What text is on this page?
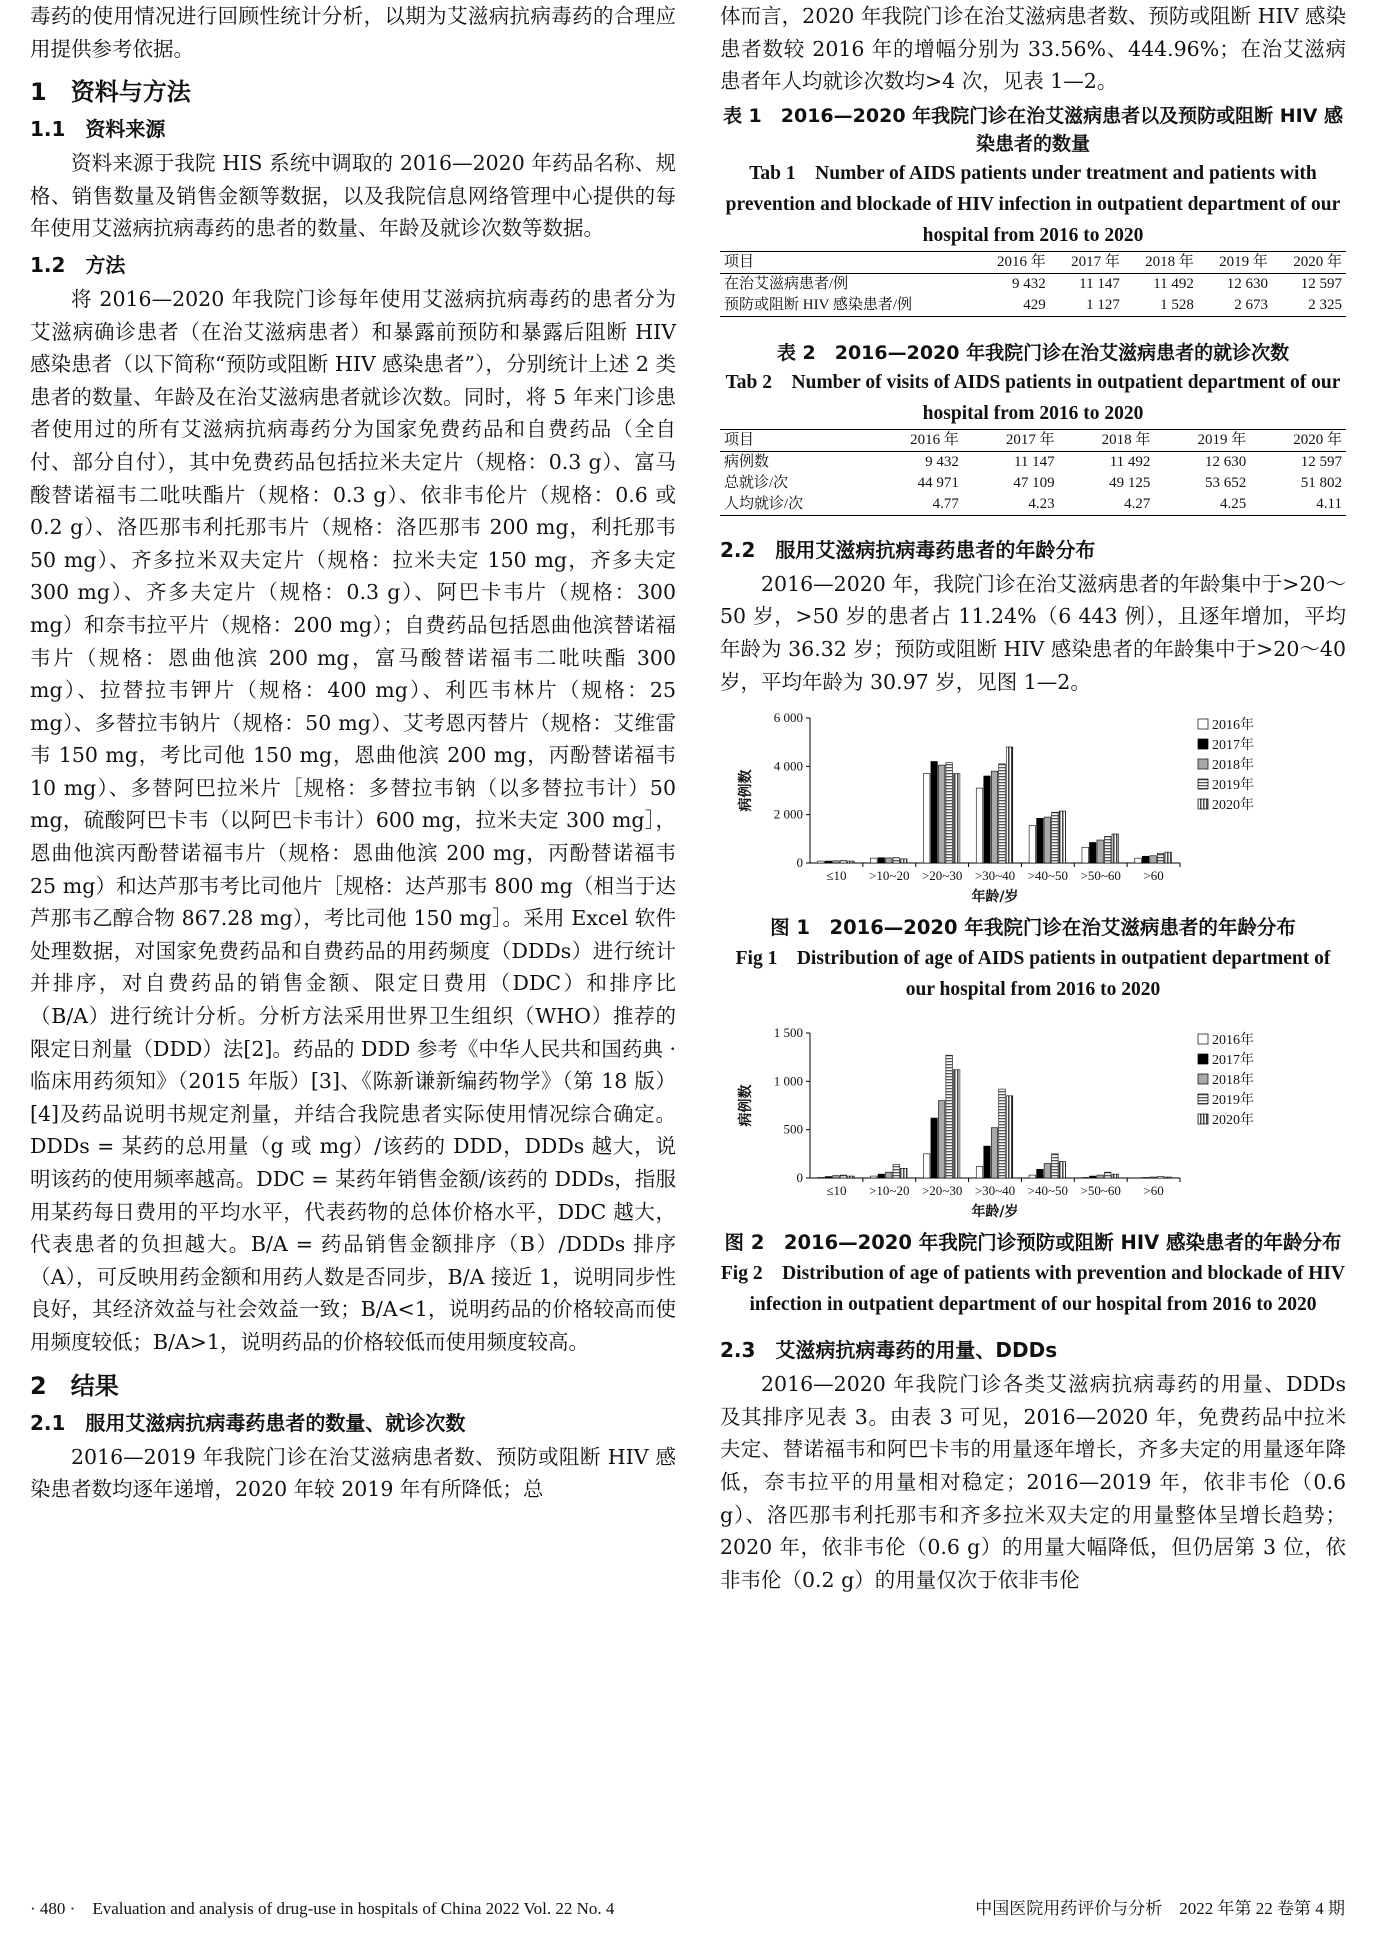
毒药的使用情况进行回顾性统计分析，以期为艾滋病抗病毒药的合理应用提供参考依据。

1　资料与方法
1.1　资料来源

资料来源于我院 HIS 系统中调取的 2016—2020 年药品名称、规格、销售数量及销售金额等数据，以及我院信息网络管理中心提供的每年使用艾滋病抗病毒药的患者的数量、年龄及就诊次数等数据。

1.2　方法

将 2016—2020 年我院门诊每年使用艾滋病抗病毒药的患者分为艾滋病确诊患者（在治艾滋病患者）和暴露前预防和暴露后阻断 HIV 感染患者（以下简称“预防或阻断 HIV 感染患者”），分别统计上述 2 类患者的数量、年龄及在治艾滋病患者就诊次数。同时，将 5 年来门诊患者使用过的所有艾滋病抗病毒药分为国家免费药品和自费药品（全自付、部分自付），其中免费药品包括拉米夫定片（规格：0.3 g）、富马酸替诺福韦二吡呋酯片（规格：0.3 g）、依非韦伦片（规格：0.6 或 0.2 g）、洛匹那韦利托那韦片（规格：洛匹那韦 200 mg，利托那韦 50 mg）、齐多拉米双夫定片（规格：拉米夫定 150 mg，齐多夫定 300 mg）、齐多夫定片（规格：0.3 g）、阿巴卡韦片（规格：300 mg）和奈韦拉平片（规格：200 mg）；自费药品包括恩曲他滨替诺福韦片（规格：恩曲他滨 200 mg，富马酸替诺福韦二吡呋酯 300 mg）、拉替拉韦钾片（规格：400 mg）、利匹韦林片（规格：25 mg）、多替拉韦钠片（规格：50 mg）、艾考恩丙替片（规格：艾维雷韦 150 mg，考比司他 150 mg，恩曲他滨 200 mg，丙酚替诺福韦 10 mg）、多替阿巴拉米片［规格：多替拉韦钠（以多替拉韦计）50 mg，硫酸阿巴卡韦（以阿巴卡韦计）600 mg，拉米夫定 300 mg］，恩曲他滨丙酚替诺福韦片（规格：恩曲他滨 200 mg，丙酚替诺福韦 25 mg）和达芦那韦考比司他片［规格：达芦那韦 800 mg（相当于达芦那韦乙醇合物 867.28 mg），考比司他 150 mg］。采用 Excel 软件处理数据，对国家免费药品和自费药品的用药频度（DDDs）进行统计并排序，对自费药品的销售金额、限定日费用（DDC）和排序比（B/A）进行统计分析。分析方法采用世界卫生组织（WHO）推荐的限定日剂量（DDD）法[2]。药品的 DDD 参考《中华人民共和国药典 · 临床用药须知》（2015 年版）[3]、《陈新谦新编药物学》（第 18 版）[4]及药品说明书规定剂量，并结合我院患者实际使用情况综合确定。DDDs = 某药的总用量（g 或 mg）/该药的 DDD，DDDs 越大，说明该药的使用频率越高。DDC = 某药年销售金额/该药的 DDDs，指服用某药每日费用的平均水平，代表药物的总体价格水平，DDC 越大，代表患者的负担越大。B/A = 药品销售金额排序（B）/DDDs 排序（A），可反映用药金额和用药人数是否同步，B/A 接近 1，说明同步性良好，其经济效益与社会效益一致；B/A<1，说明药品的价格较高而使用频度较低；B/A>1，说明药品的价格较低而使用频度较高。

2　结果
2.1　服用艾滋病抗病毒药患者的数量、就诊次数

2016—2019 年我院门诊在治艾滋病患者数、预防或阻断 HIV 感染患者数均逐年递增，2020 年较 2019 年有所降低；总

体而言，2020 年我院门诊在治艾滋病患者数、预防或阻断 HIV 感染患者数较 2016 年的增幅分别为 33.56%、444.96%；在治艾滋病患者年人均就诊次数均>4 次，见表 1—2。

表 1　2016—2020 年我院门诊在治艾滋病患者以及预防或阻断 HIV 感染患者的数量
Tab 1　Number of AIDS patients under treatment and patients with prevention and blockade of HIV infection in outpatient department of our hospital from 2016 to 2020
项目	2016 年	2017 年	2018 年	2019 年	2020 年
在治艾滋病患者/例	9 432	11 147	11 492	12 630	12 597
预防或阻断 HIV 感染患者/例	429	1 127	1 528	2 673	2 325
表 2　2016—2020 年我院门诊在治艾滋病患者的就诊次数
Tab 2　Number of visits of AIDS patients in outpatient department of our hospital from 2016 to 2020
项目	2016 年	2017 年	2018 年	2019 年	2020 年
病例数	9 432	11 147	11 492	12 630	12 597
总就诊/次	44 971	47 109	49 125	53 652	51 802
人均就诊/次	4.77	4.23	4.27	4.25	4.11
2.2　服用艾滋病抗病毒药患者的年龄分布

2016—2020 年，我院门诊在治艾滋病患者的年龄集中于>20～50 岁，>50 岁的患者占 11.24%（6 443 例），且逐年增加，平均年龄为 36.32 岁；预防或阻断 HIV 感染患者的年龄集中于>20～40 岁，平均年龄为 30.97 岁，见图 1—2。

0
2 000
4 000
6 000
病例数
≤10 >10~20 >20~30 >30~40 >40~50 >50~60 >60
年龄/岁
2016年
2017年
2018年
2019年
2020年
图 1　2016—2020 年我院门诊在治艾滋病患者的年龄分布
Fig 1　Distribution of age of AIDS patients in outpatient department of our hospital from 2016 to 2020
0
500
1 000
1 500
病例数
≤10 >10~20 >20~30 >30~40 >40~50 >50~60 >60
年龄/岁
2016年
2017年
2018年
2019年
2020年
图 2　2016—2020 年我院门诊预防或阻断 HIV 感染患者的年龄分布
Fig 2　Distribution of age of patients with prevention and blockade of HIV infection in outpatient department of our hospital from 2016 to 2020
2.3　艾滋病抗病毒药的用量、DDDs

2016—2020 年我院门诊各类艾滋病抗病毒药的用量、DDDs 及其排序见表 3。由表 3 可见，2016—2020 年，免费药品中拉米夫定、替诺福韦和阿巴卡韦的用量逐年增长，齐多夫定的用量逐年降低，奈韦拉平的用量相对稳定；2016—2019 年，依非韦伦（0.6 g）、洛匹那韦利托那韦和齐多拉米双夫定的用量整体呈增长趋势；2020 年，依非韦伦（0.6 g）的用量大幅降低，但仍居第 3 位，依非韦伦（0.2 g）的用量仅次于依非韦伦

· 480 ·　Evaluation and analysis of drug-use in hospitals of China 2022 Vol. 22 No. 4	中国医院用药评价与分析　2022 年第 22 卷第 4 期
